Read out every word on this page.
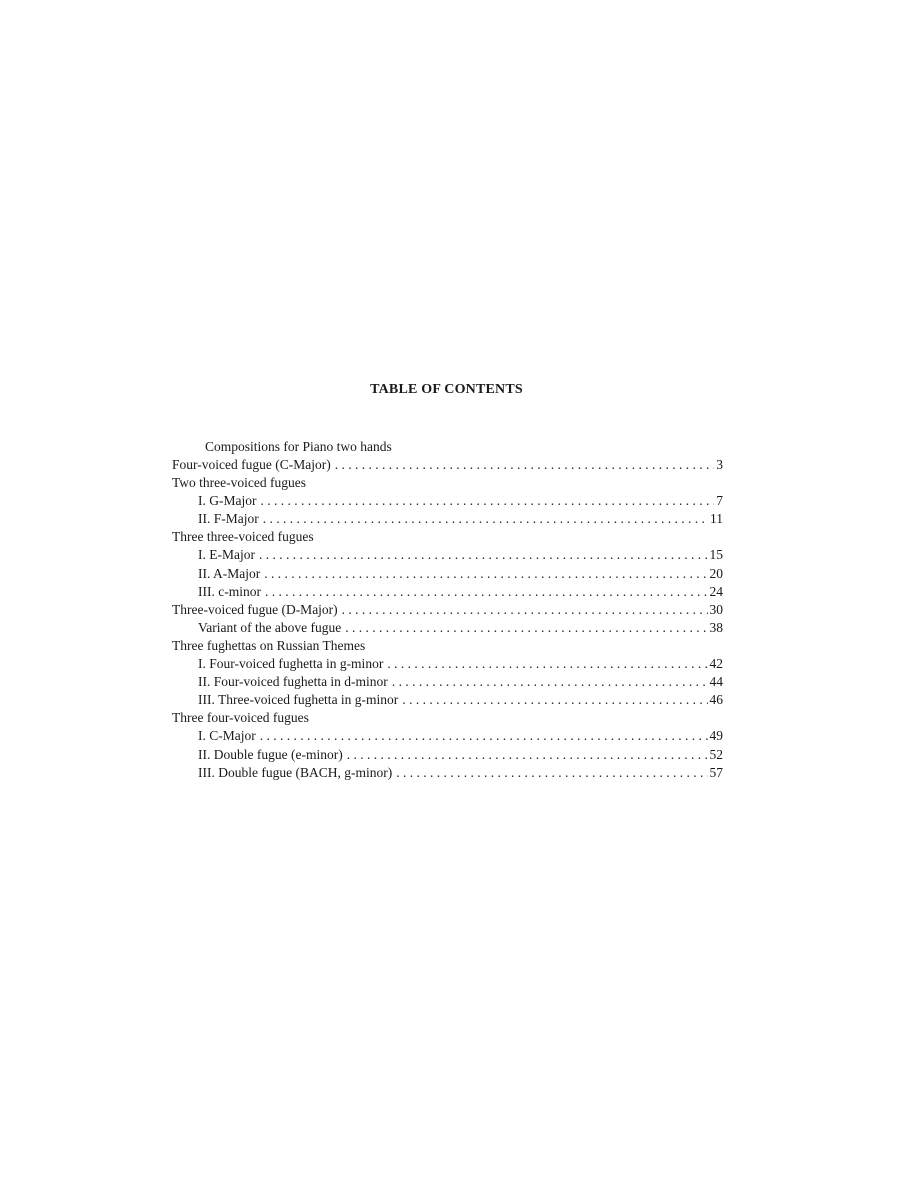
TABLE OF CONTENTS
Compositions for Piano two hands
Four-voiced fugue (C-Major) . . .	3
Two three-voiced fugues
I. G-Major . . .	7
II. F-Major . . .	11
Three three-voiced fugues
I. E-Major . . .	15
II. A-Major . . .	20
III. c-minor . . .	24
Three-voiced fugue (D-Major) . . .	30
Variant of the above fugue . . .	38
Three fughettas on Russian Themes
I. Four-voiced fughetta in g-minor . . .	42
II. Four-voiced fughetta in d-minor . . .	44
III. Three-voiced fughetta in g-minor . . .	46
Three four-voiced fugues
I. C-Major . . .	49
II. Double fugue (e-minor) . . .	52
III. Double fugue (BACH, g-minor) . . .	57
